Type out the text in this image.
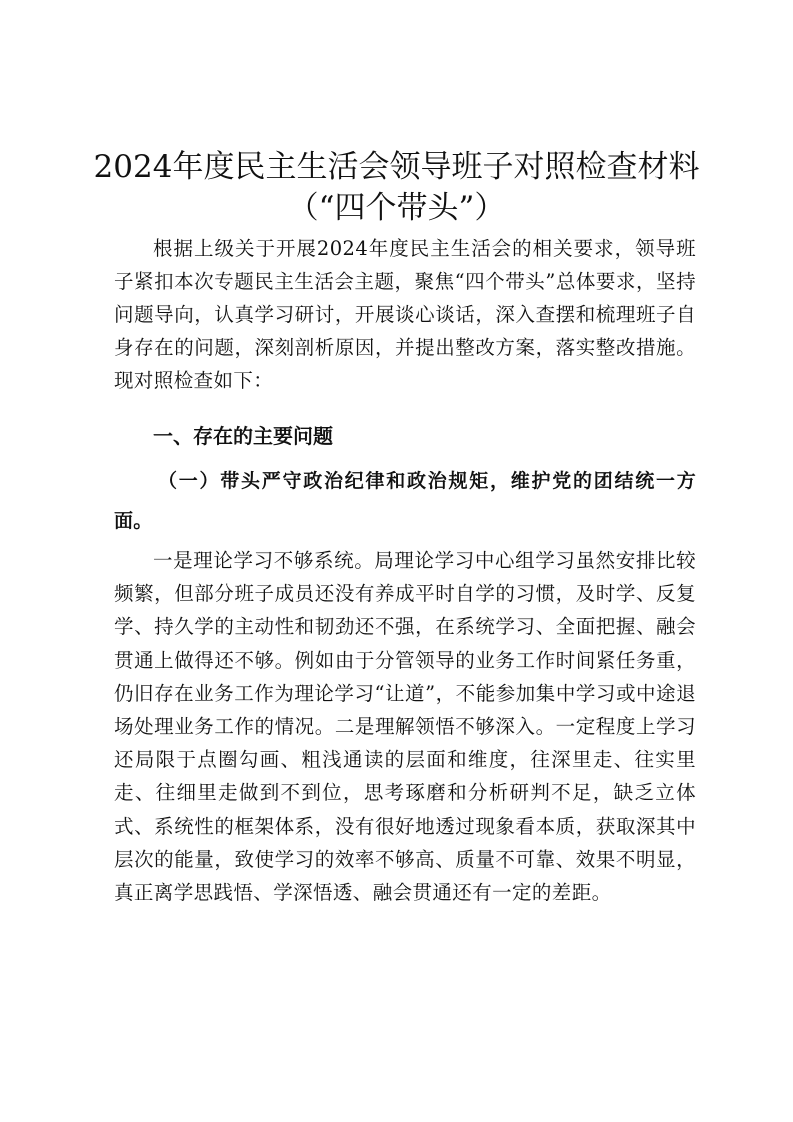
2024年度民主生活会领导班子对照检查材料
（“四个带头”）
根据上级关于开展2024年度民主生活会的相关要求，领导班子紧扣本次专题民主生活会主题，聚焦“四个带头”总体要求，坚持问题导向，认真学习研讨，开展谈心谈话，深入查摆和梳理班子自身存在的问题，深刻剖析原因，并提出整改方案，落实整改措施。现对照检查如下：
一、存在的主要问题
（一）带头严守政治纪律和政治规矩，维护党的团结统一方面。
一是理论学习不够系统。局理论学习中心组学习虽然安排比较频繁，但部分班子成员还没有养成平时自学的习惯，及时学、反复学、持久学的主动性和韧劲还不强，在系统学习、全面把握、融会贯通上做得还不够。例如由于分管领导的业务工作时间紧任务重，仍旧存在业务工作为理论学习“让道”，不能参加集中学习或中途退场处理业务工作的情况。二是理解领悟不够深入。一定程度上学习还局限于点圈勾画、粗浅通读的层面和维度，往深里走、往实里走、往细里走做到不到位，思考琢磨和分析研判不足，缺乏立体式、系统性的框架体系，没有很好地透过现象看本质，获取深其中层次的能量，致使学习的效率不够高、质量不可靠、效果不明显，真正离学思践悟、学深悟透、融会贯通还有一定的差距。
